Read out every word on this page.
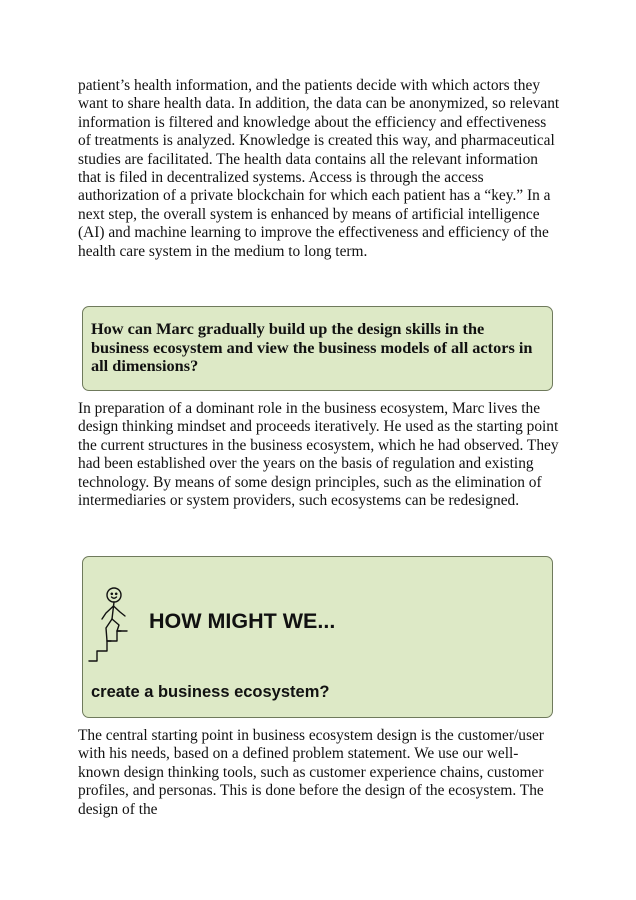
patient’s health information, and the patients decide with which actors they want to share health data. In addition, the data can be anonymized, so relevant information is filtered and knowledge about the efficiency and effectiveness of treatments is analyzed. Knowledge is created this way, and pharmaceutical studies are facilitated. The health data contains all the relevant information that is filed in decentralized systems. Access is through the access authorization of a private blockchain for which each patient has a “key.” In a next step, the overall system is enhanced by means of artificial intelligence (AI) and machine learning to improve the effectiveness and efficiency of the health care system in the medium to long term.

How can Marc gradually build up the design skills in the business ecosystem and view the business models of all actors in all dimensions?

In preparation of a dominant role in the business ecosystem, Marc lives the design thinking mindset and proceeds iteratively. He used as the starting point the current structures in the business ecosystem, which he had observed. They had been established over the years on the basis of regulation and existing technology. By means of some design principles, such as the elimination of intermediaries or system providers, such ecosystems can be redesigned.

HOW MIGHT WE...

create a business ecosystem?

The central starting point in business ecosystem design is the customer/user with his needs, based on a defined problem statement. We use our well-known design thinking tools, such as customer experience chains, customer profiles, and personas. This is done before the design of the ecosystem. The design of the
